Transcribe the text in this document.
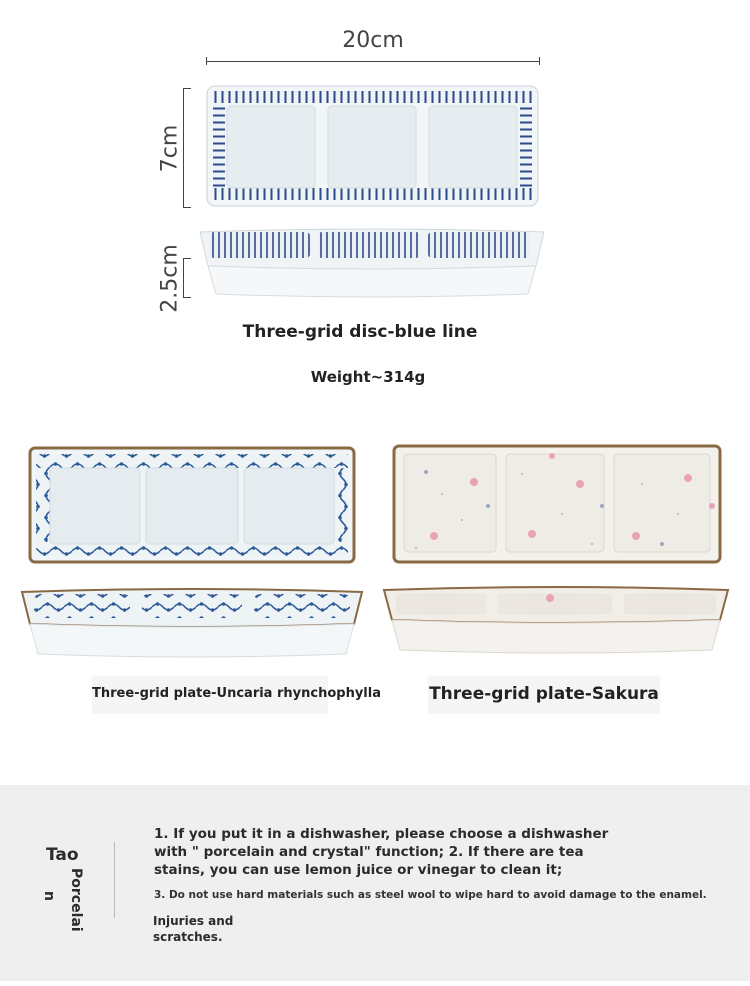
20cm
7cm
2.5cm
Three-grid disc-blue line
Weight~314g
Three-grid plate-Uncaria rhynchophylla	Three-grid plate-Sakura
Tao
n Porcelai
1. If you put it in a dishwasher, please choose a dishwasher with " porcelain and crystal" function; 2. If there are tea stains, you can use lemon juice or vinegar to clean it;
3. Do not use hard materials such as steel wool to wipe hard to avoid damage to the enamel.
Injuries and scratches.
